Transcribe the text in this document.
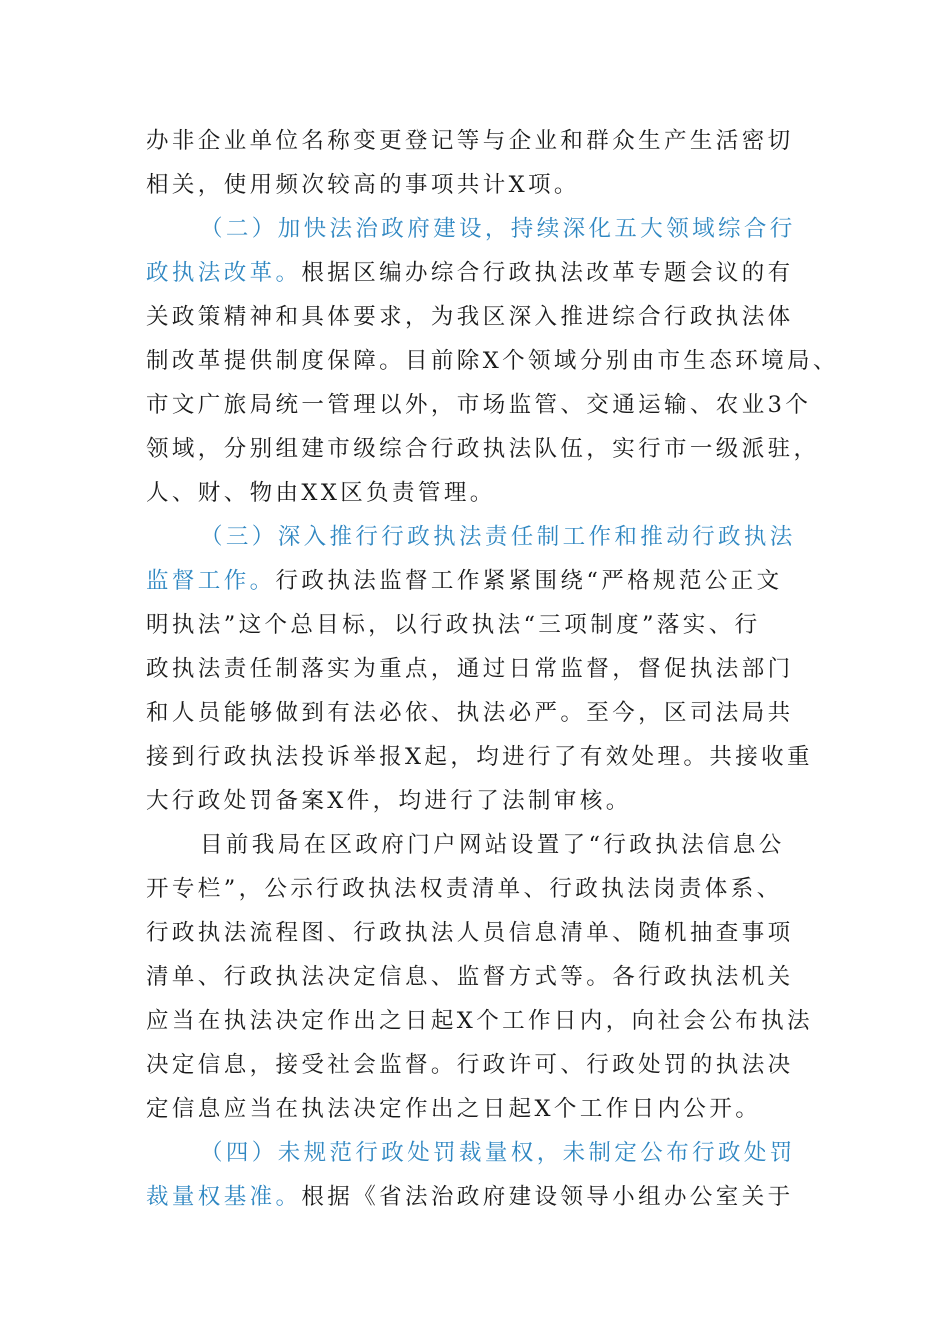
办非企业单位名称变更登记等与企业和群众生产生活密切
相关，使用频次较高的事项共计X项。
（二）加快法治政府建设，持续深化五大领域综合行
政执法改革。根据区编办综合行政执法改革专题会议的有
关政策精神和具体要求，为我区深入推进综合行政执法体
制改革提供制度保障。目前除X个领域分别由市生态环境局、
市文广旅局统一管理以外，市场监管、交通运输、农业3个
领域，分别组建市级综合行政执法队伍，实行市一级派驻，
人、财、物由XX区负责管理。
（三）深入推行行政执法责任制工作和推动行政执法
监督工作。行政执法监督工作紧紧围绕“严格规范公正文
明执法”这个总目标，以行政执法“三项制度”落实、行
政执法责任制落实为重点，通过日常监督，督促执法部门
和人员能够做到有法必依、执法必严。至今，区司法局共
接到行政执法投诉举报X起，均进行了有效处理。共接收重
大行政处罚备案X件，均进行了法制审核。
目前我局在区政府门户网站设置了“行政执法信息公
开专栏”，公示行政执法权责清单、行政执法岗责体系、
行政执法流程图、行政执法人员信息清单、随机抽查事项
清单、行政执法决定信息、监督方式等。各行政执法机关
应当在执法决定作出之日起X个工作日内，向社会公布执法
决定信息，接受社会监督。行政许可、行政处罚的执法决
定信息应当在执法决定作出之日起X个工作日内公开。
（四）未规范行政处罚裁量权，未制定公布行政处罚
裁量权基准。根据《省法治政府建设领导小组办公室关于
